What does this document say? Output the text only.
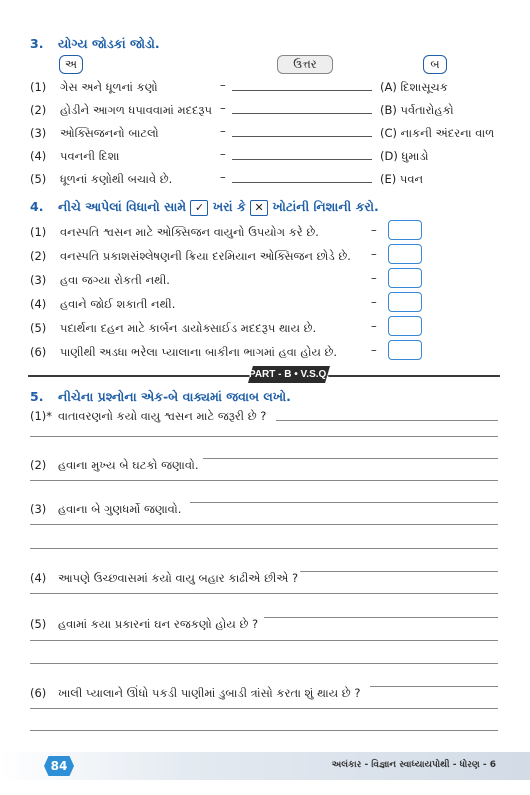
3. યોગ્ય જોડકાં જોડો.
અ	ઉત્તર	બ
(1) ગેસ અને ધૂળનાં કણો	–	(A) દિશાસૂચક
(2) હોડીને આગળ ધપાવવામાં મદદરૂપ –	(B) પર્વતારોહકો
(3) ઓક્સિજનનો બાટલો	–	(C) નાકની અંદરના વાળ
(4) પવનની દિશા	–	(D) ધુમાડો
(5) ધૂળનાં કણોથી બચાવે છે.	–	(E) પવન
4. નીચે આપેલાં વિધાનો સામે ✓ ખરાં કે ✕ ખોટાંની નિશાની કરો.
(1) વનસ્પતિ શ્વસન માટે ઓક્સિજન વાયુનો ઉપયોગ કરે છે.	–
(2) વનસ્પતિ પ્રકાશસંશ્લેષણની ક્રિયા દરમિયાન ઓક્સિજન છોડે છે. –
(3) હવા જગ્યા રોકતી નથી.	–
(4) હવાને જોઈ શકાતી નથી.	–
(5) પદાર્થના દહન માટે કાર્બન ડાયોક્સાઈડ મદદરૂપ થાય છે.	–
(6) પાણીથી અડધા ભરેલા પ્યાલાના બાકીના ભાગમાં હવા હોય છે.	–
PART - B • V.S.Q.
5. નીચેના પ્રશ્નોના એક-બે વાક્યમાં જવાબ લખો.
(1)* વાતાવરણનો કયો વાયુ શ્વસન માટે જરૂરી છે ?
(2) હવાના મુખ્ય બે ઘટકો જણાવો.
(3) હવાના બે ગુણધર્મો જણાવો.
(4) આપણે ઉચ્છવાસમાં કયો વાયુ બહાર કાઢીએ છીએ ?
(5) હવામાં કયા પ્રકારનાં ઘન રજકણો હોય છે ?
(6) ખાલી પ્યાલાને ઊંધો પકડી પાણીમાં ડુબાડી ત્રાંસો કરતા શું થાય છે ?
84	અલંકાર - વિજ્ઞાન સ્વાધ્યાયપોથી - ધોરણ - 6
